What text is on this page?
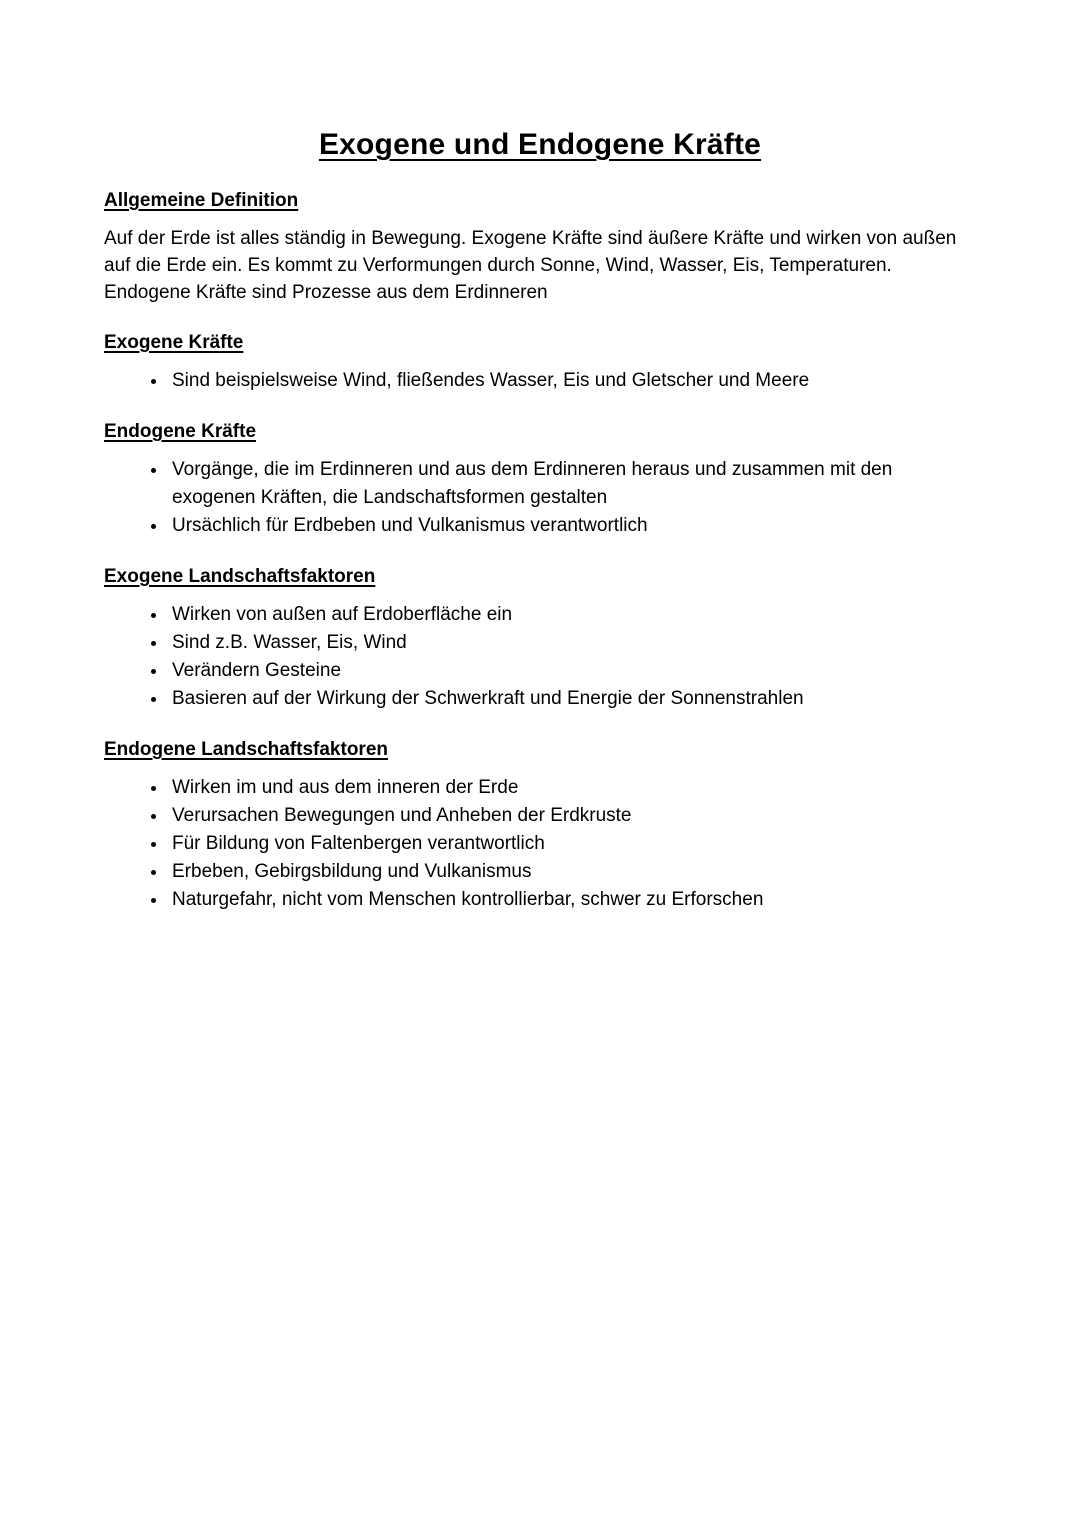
Exogene und Endogene Kräfte
Allgemeine Definition

Auf der Erde ist alles ständig in Bewegung. Exogene Kräfte sind äußere Kräfte und wirken von außen auf die Erde ein. Es kommt zu Verformungen durch Sonne, Wind, Wasser, Eis, Temperaturen. Endogene Kräfte sind Prozesse aus dem Erdinneren

Exogene Kräfte
• Sind beispielsweise Wind, fließendes Wasser, Eis und Gletscher und Meere
Endogene Kräfte
• Vorgänge, die im Erdinneren und aus dem Erdinneren heraus und zusammen mit den exogenen Kräften, die Landschaftsformen gestalten
• Ursächlich für Erdbeben und Vulkanismus verantwortlich
Exogene Landschaftsfaktoren
• Wirken von außen auf Erdoberfläche ein
• Sind z.B. Wasser, Eis, Wind
• Verändern Gesteine
• Basieren auf der Wirkung der Schwerkraft und Energie der Sonnenstrahlen
Endogene Landschaftsfaktoren
• Wirken im und aus dem inneren der Erde
• Verursachen Bewegungen und Anheben der Erdkruste
• Für Bildung von Faltenbergen verantwortlich
• Erbeben, Gebirgsbildung und Vulkanismus
• Naturgefahr, nicht vom Menschen kontrollierbar, schwer zu Erforschen
